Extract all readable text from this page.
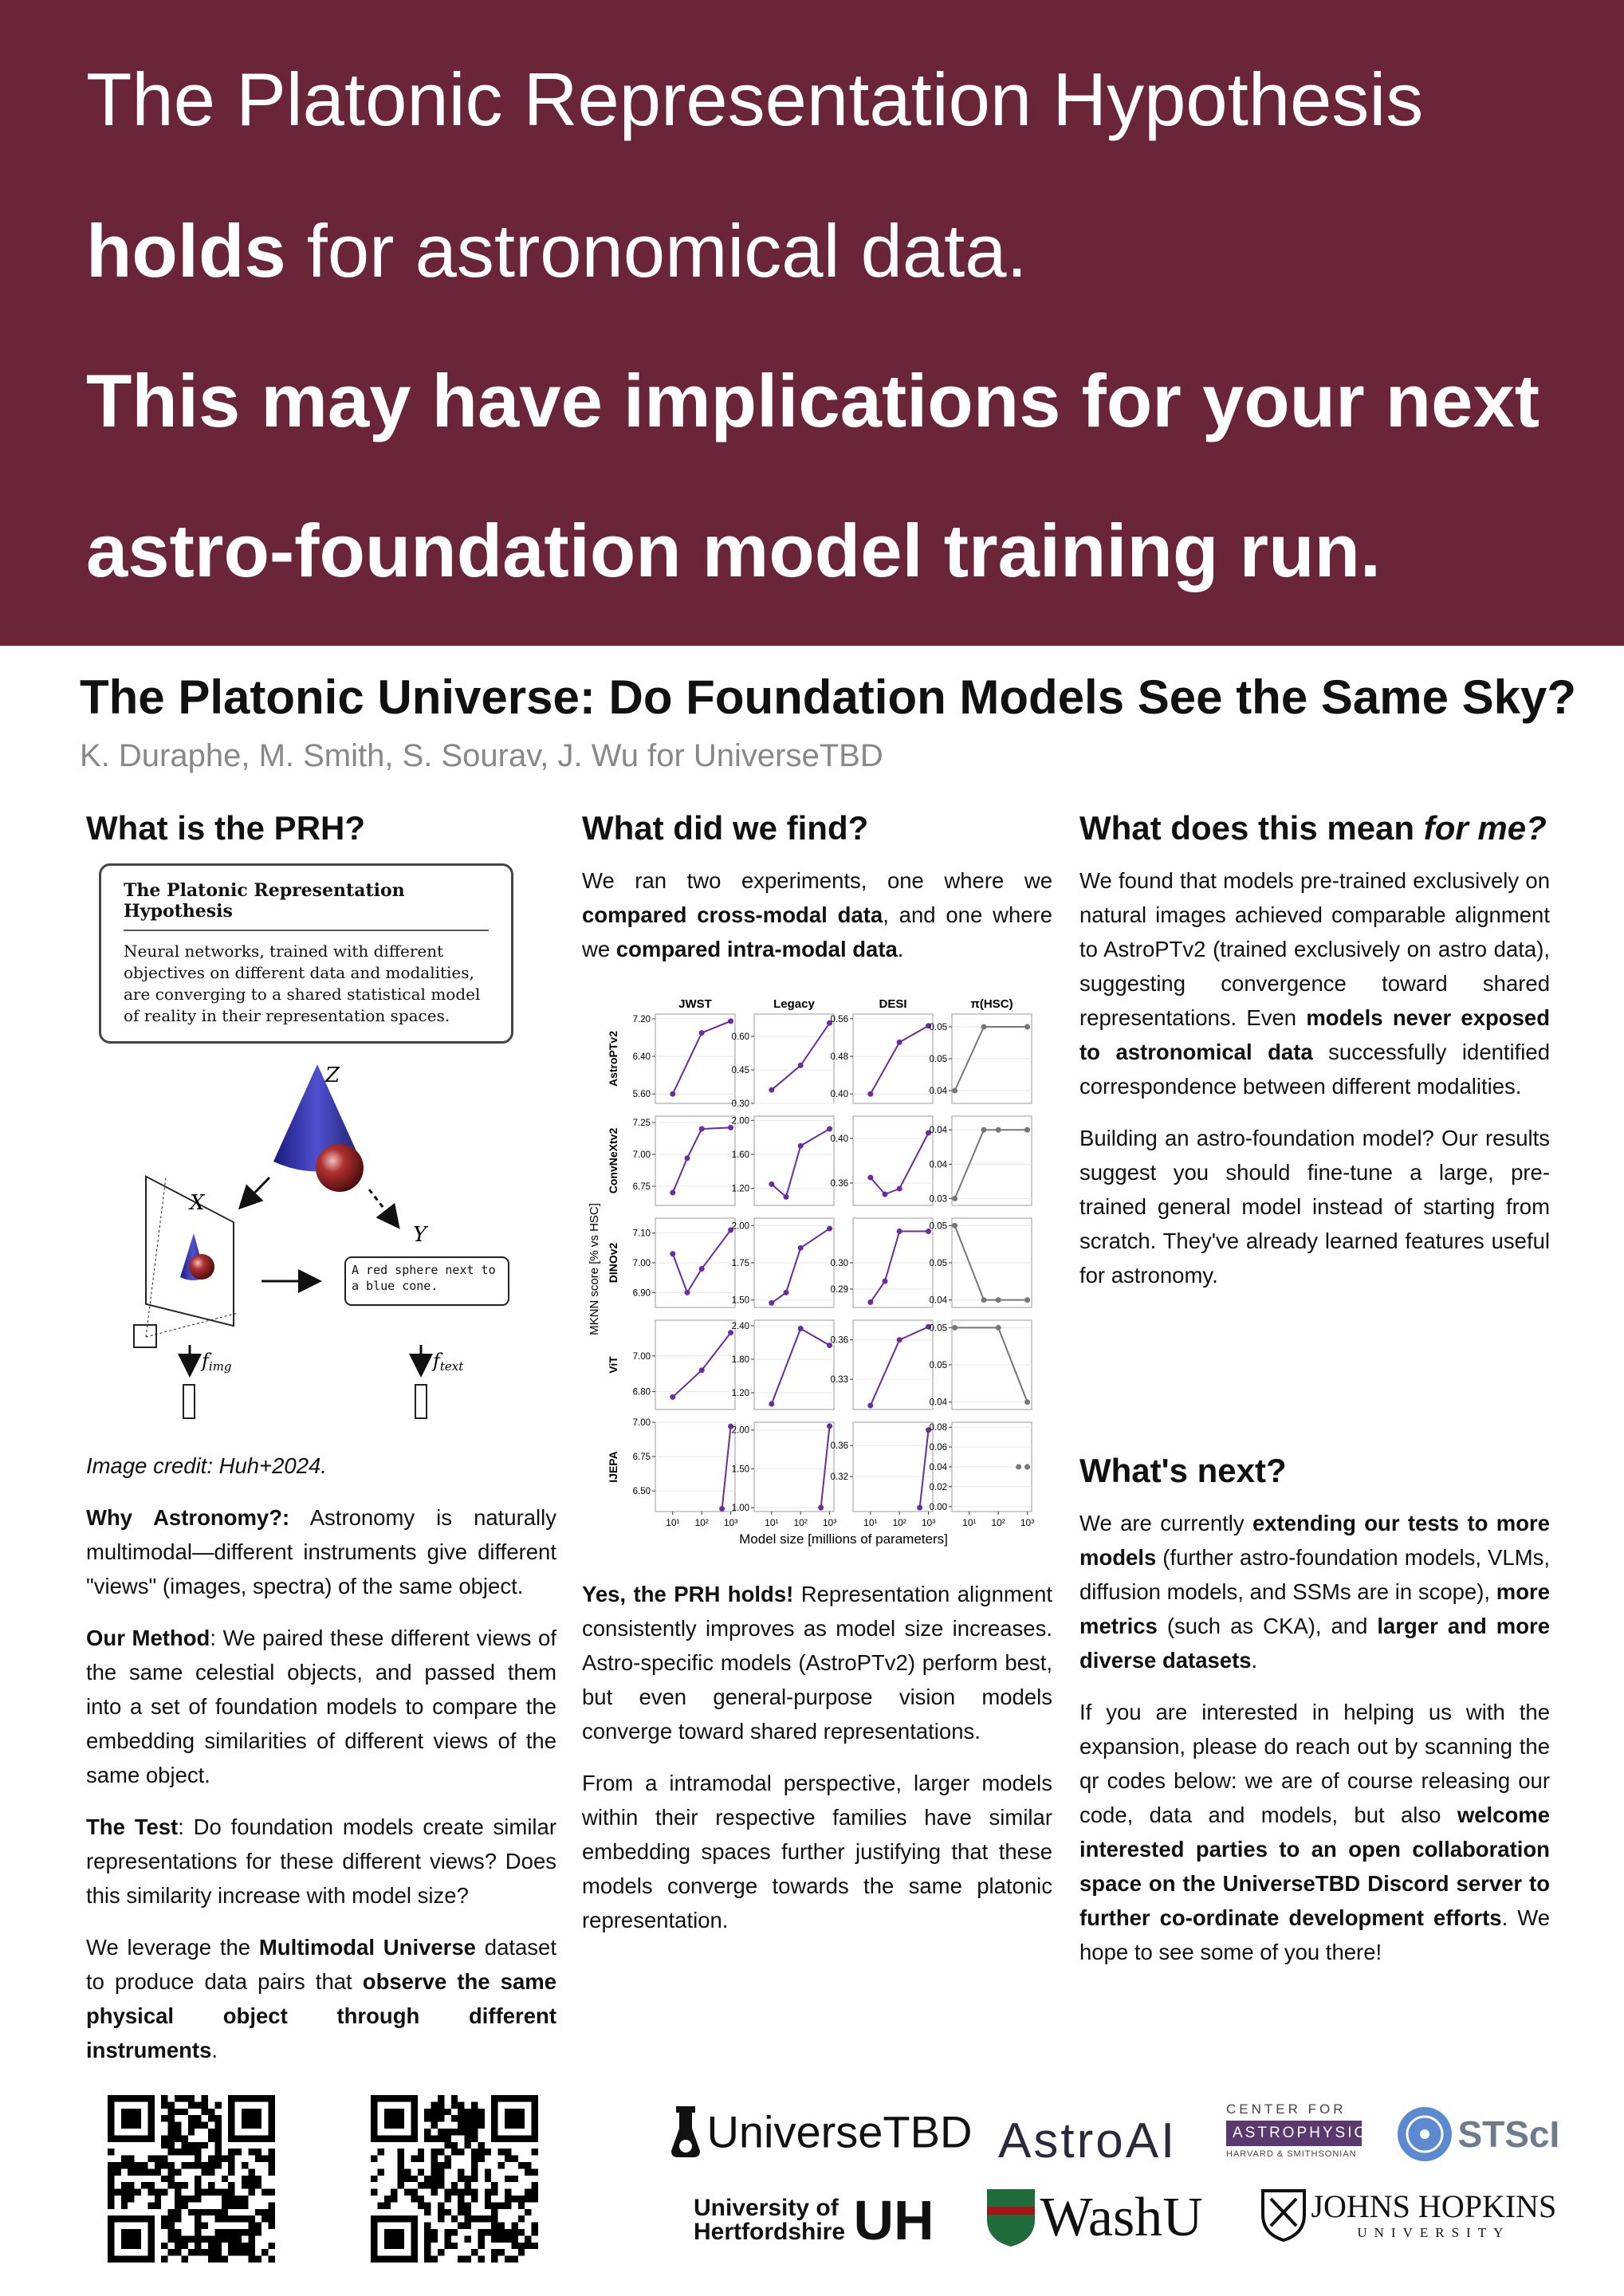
The Platonic Representation Hypothesis
holds for astronomical data.
This may have implications for your next
astro-foundation model training run.
The Platonic Universe: Do Foundation Models See the Same Sky?
K. Duraphe, M. Smith, S. Sourav, J. Wu for UniverseTBD
What is the PRH?
The Platonic Representation Hypothesis
Neural networks, trained with different objectives on different data and modalities, are converging to a shared statistical model of reality in their representation spaces.
Z
X
Y
A red sphere next to a blue cone.
fimg	ftext

Image credit: Huh+2024.

Why Astronomy?: Astronomy is naturally multimodal—different instruments give different "views" (images, spectra) of the same object.

Our Method: We paired these different views of the same celestial objects, and passed them into a set of foundation models to compare the embedding similarities of different views of the same object.

The Test: Do foundation models create similar representations for these different views? Does this similarity increase with model size?

We leverage the Multimodal Universe dataset to produce data pairs that observe the same physical object through different instruments.

What did we find?

We ran two experiments, one where we compared cross-modal data, and one where we compared intra-modal data.

JWST	Legacy	DESI	π(HSC)
AstroPTv2
ConvNeXtv2
DINOv2
ViT
IJEPA
MKNN score [% vs HSC]
7.20
6.40
5.60
0.60
0.45
0.30
0.56
0.48
0.40
0.05
0.05
0.04
7.25
7.00
6.75
2.00
1.60
1.20
0.40
0.36
0.04
0.04
0.03
7.10
7.00
6.90
2.00
1.75
1.50
0.30
0.29
0.05
0.05
0.04
7.00
6.80
2.40
1.80
1.20
0.36
0.33
0.05
0.05
0.04
7.00
6.75
6.50
2.00
1.50
1.00
0.36
0.32
0.08
0.06
0.04
0.02
0.00
10¹ 10² 10³	10¹ 10² 10³	10¹ 10² 10³	10¹ 10² 10³
Model size [millions of parameters]

Yes, the PRH holds! Representation alignment consistently improves as model size increases. Astro-specific models (AstroPTv2) perform best, but even general-purpose vision models converge toward shared representations.

From a intramodal perspective, larger models within their respective families have similar embedding spaces further justifying that these models converge towards the same platonic representation.

What does this mean for me?

We found that models pre-trained exclusively on natural images achieved comparable alignment to AstroPTv2 (trained exclusively on astro data), suggesting convergence toward shared representations. Even models never exposed to astronomical data successfully identified correspondence between different modalities.

Building an astro-foundation model? Our results suggest you should fine-tune a large, pre-trained general model instead of starting from scratch. They've already learned features useful for astronomy.

What's next?

We are currently extending our tests to more models (further astro-foundation models, VLMs, diffusion models, and SSMs are in scope), more metrics (such as CKA), and larger and more diverse datasets.

If you are interested in helping us with the expansion, please do reach out by scanning the qr codes below: we are of course releasing our code, data and models, but also welcome interested parties to an open collaboration space on the UniverseTBD Discord server to further co-ordinate development efforts. We hope to see some of you there!

UniverseTBD AstroAI
CENTER FOR
ASTROPHYSICS
HARVARD & SMITHSONIAN	STScI
University of
Hertfordshire UH	WashU
	JOHNS HOPKINS
UNIVERSITY
